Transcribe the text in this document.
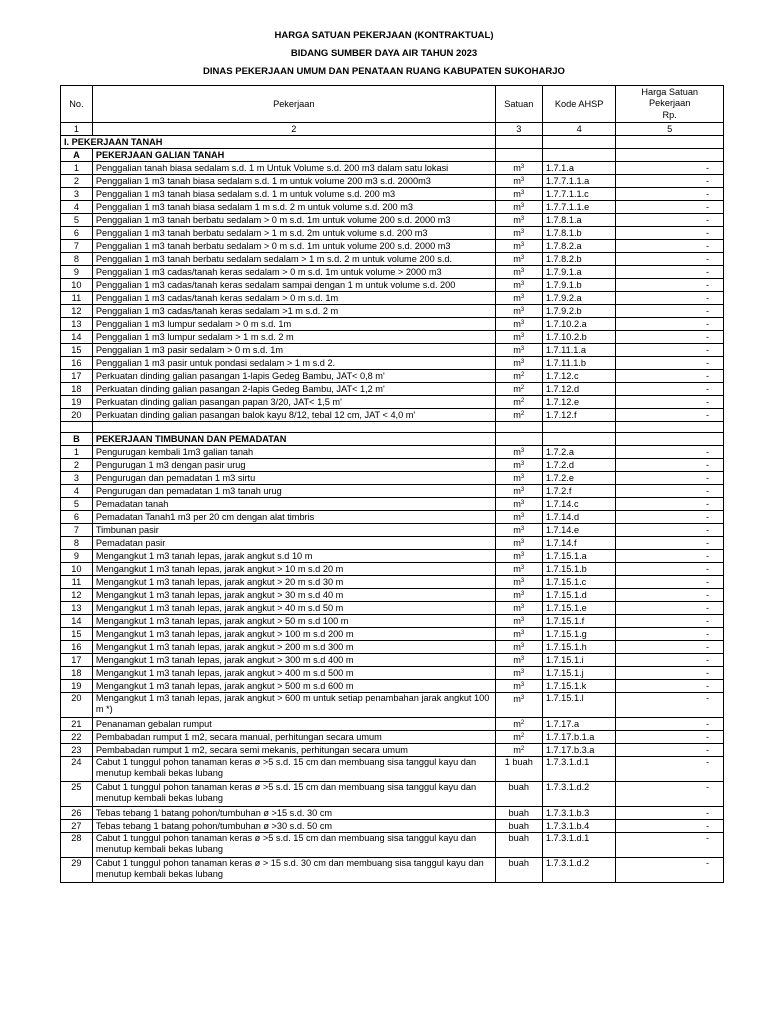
HARGA SATUAN PEKERJAAN (KONTRAKTUAL)
BIDANG SUMBER DAYA AIR TAHUN 2023
DINAS PEKERJAAN UMUM DAN PENATAAN RUANG KABUPATEN SUKOHARJO
No.	Pekerjaan	Satuan	Kode AHSP	Harga Satuan
Pekerjaan
Rp.

1	2	3	4	5
I. PEKERJAAN TANAH				
A	PEKERJAAN GALIAN TANAH			
1	Penggalian tanah biasa sedalam s.d. 1 m Untuk Volume s.d. 200 m3 dalam satu lokasi	$m^3$	1.7.1.a	-
2	Penggalian 1 m3 tanah biasa sedalam s.d. 1 m untuk volume 200 m3 s.d. 2000m3	$m^3$	1.7.7.1.1.a	-
3	Penggalian 1 m3 tanah biasa sedalam s.d. 1 m untuk volume s.d. 200 m3	$m^3$	1.7.7.1.1.c	-
4	Penggalian 1 m3 tanah biasa sedalam 1 m s.d. 2 m untuk volume s.d. 200 m3	$m^3$	1.7.7.1.1.e	-
5	Penggalian 1 m3 tanah berbatu sedalam > 0 m s.d. 1m untuk volume 200 s.d. 2000 m3	$m^3$	1.7.8.1.a	-
6	Penggalian 1 m3 tanah berbatu sedalam > 1 m s.d. 2m untuk volume s.d. 200 m3	$m^3$	1.7.8.1.b	-
7	Penggalian 1 m3 tanah berbatu sedalam > 0 m s.d. 1m untuk volume 200 s.d. 2000 m3	$m^3$	1.7.8.2.a	-
8	Penggalian 1 m3 tanah berbatu sedalam sedalam > 1 m s.d. 2 m untuk volume 200 s.d.	$m^3$	1.7.8.2.b	-
9	Penggalian 1 m3 cadas/tanah keras sedalam > 0 m s.d. 1m untuk volume > 2000 m3	$m^3$	1.7.9.1.a	-
10	Penggalian 1 m3 cadas/tanah keras sedalam sampai dengan 1 m untuk volume s.d. 200	$m^3$	1.7.9.1.b	-
11	Penggalian 1 m3 cadas/tanah keras sedalam > 0 m s.d. 1m	$m^3$	1.7.9.2.a	-
12	Penggalian 1 m3 cadas/tanah keras sedalam >1 m s.d. 2 m	$m^3$	1.7.9.2.b	-
13	Penggalian 1 m3 lumpur sedalam > 0 m s.d. 1m	$m^3$	1.7.10.2.a	-
14	Penggalian 1 m3 lumpur sedalam > 1 m s.d. 2 m	$m^3$	1.7.10.2.b	-
15	Penggalian 1 m3 pasir sedalam > 0 m s.d. 1m	$m^3$	1.7.11.1.a	-
16	Penggalian 1 m3 pasir untuk pondasi sedalam > 1 m s.d 2.	$m^3$	1.7.11.1.b	-
17	Perkuatan dinding galian pasangan 1-lapis Gedeg Bambu, JAT< 0,8 m'	$m^2$	1.7.12.c	-
18	Perkuatan dinding galian pasangan 2-lapis Gedeg Bambu, JAT< 1,2 m'	$m^2$	1.7.12.d	-
19	Perkuatan dinding galian pasangan papan 3/20, JAT< 1,5 m'	$m^2$	1.7.12.e	-
20	Perkuatan dinding galian pasangan balok kayu 8/12, tebal 12 cm, JAT < 4,0 m'	$m^2$	1.7.12.f	-

B	PEKERJAAN TIMBUNAN DAN PEMADATAN			
1	Pengurugan kembali 1m3 galian tanah	$m^3$	1.7.2.a	-
2	Pengurugan 1 m3 dengan pasir urug	$m^3$	1.7.2.d	-
3	Pengurugan dan pemadatan 1 m3 sirtu	$m^3$	1.7.2.e	-
4	Pengurugan dan pemadatan 1 m3 tanah urug	$m^3$	1.7.2.f	-
5	Pemadatan tanah	$m^3$	1.7.14.c	-
6	Pemadatan Tanah1 m3 per 20 cm dengan alat timbris	$m^3$	1.7.14.d	-
7	Timbunan pasir	$m^3$	1.7.14.e	-
8	Pemadatan pasir	$m^3$	1.7.14.f	-
9	Mengangkut 1 m3 tanah lepas, jarak angkut s.d 10 m	$m^3$	1.7.15.1.a	-
10	Mengangkut 1 m3 tanah lepas, jarak angkut > 10 m s.d 20 m	$m^3$	1.7.15.1.b	-
11	Mengangkut 1 m3 tanah lepas, jarak angkut > 20 m s.d 30 m	$m^3$	1.7.15.1.c	-
12	Mengangkut 1 m3 tanah lepas, jarak angkut > 30 m s.d 40 m	$m^3$	1.7.15.1.d	-
13	Mengangkut 1 m3 tanah lepas, jarak angkut > 40 m s.d 50 m	$m^3$	1.7.15.1.e	-
14	Mengangkut 1 m3 tanah lepas, jarak angkut > 50 m s.d 100 m	$m^3$	1.7.15.1.f	-
15	Mengangkut 1 m3 tanah lepas, jarak angkut > 100 m s.d 200 m	$m^3$	1.7.15.1.g	-
16	Mengangkut 1 m3 tanah lepas, jarak angkut > 200 m s.d 300 m	$m^3$	1.7.15.1.h	-
17	Mengangkut 1 m3 tanah lepas, jarak angkut > 300 m s.d 400 m	$m^3$	1.7.15.1.i	-
18	Mengangkut 1 m3 tanah lepas, jarak angkut > 400 m s.d 500 m	$m^3$	1.7.15.1.j	-
19	Mengangkut 1 m3 tanah lepas, jarak angkut > 500 m s.d 600 m	$m^3$	1.7.15.1.k	-
20	Mengangkut 1 m3 tanah lepas, jarak angkut > 600 m untuk setiap penambahan jarak angkut 100 m *)	$m^3$	1.7.15.1.l	-
21	Penanaman gebalan rumput	$m^2$	1.7.17.a	-
22	Pembabadan rumput 1 m2, secara manual, perhitungan secara umum	$m^2$	1.7.17.b.1.a	-
23	Pembabadan rumput 1 m2, secara semi mekanis, perhitungan secara umum	$m^2$	1.7.17.b.3.a	-
24	Cabut 1 tunggul pohon tanaman keras ø >5 s.d. 15 cm dan membuang sisa tanggul kayu dan menutup kembali bekas lubang	1 buah	1.7.3.1.d.1	-
25	Cabut 1 tunggul pohon tanaman keras ø >5 s.d. 15 cm dan membuang sisa tanggul kayu dan menutup kembali bekas lubang	buah	1.7.3.1.d.2	-
26	Tebas tebang 1 batang pohon/tumbuhan ø >15 s.d. 30 cm	buah	1.7.3.1.b.3	-
27	Tebas tebang 1 batang pohon/tumbuhan ø >30 s.d. 50 cm	buah	1.7.3.1.b.4	-
28	Cabut 1 tunggul pohon tanaman keras ø >5 s.d. 15 cm dan membuang sisa tanggul kayu dan menutup kembali bekas lubang	buah	1.7.3.1.d.1	-
29	Cabut 1 tunggul pohon tanaman keras ø > 15 s.d. 30 cm dan membuang sisa tanggul kayu dan menutup kembali bekas lubang	buah	1.7.3.1.d.2	-
